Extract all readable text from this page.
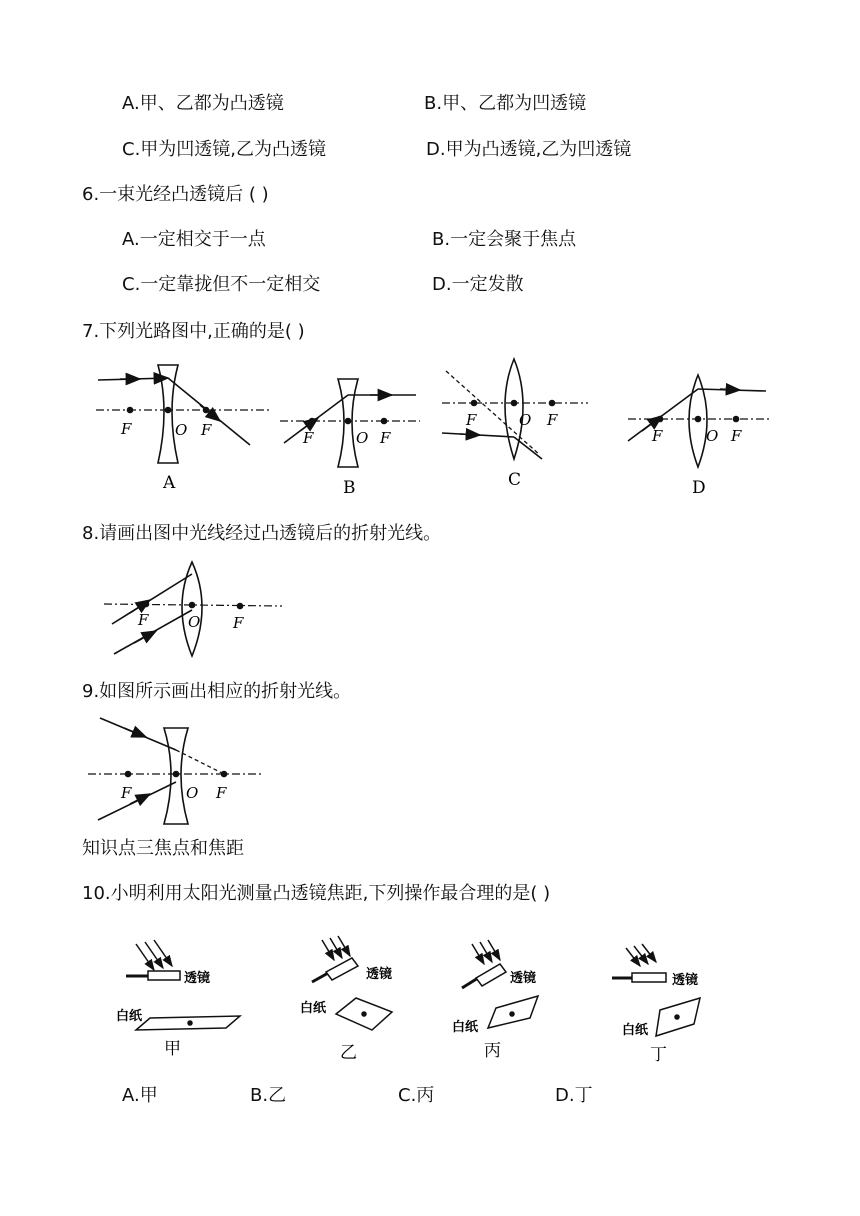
A.甲、乙都为凸透镜	B.甲、乙都为凹透镜
C.甲为凹透镜,乙为凸透镜	D.甲为凸透镜,乙为凹透镜
6.一束光经凸透镜后 ( )
A.一定相交于一点	B.一定会聚于焦点
C.一定靠拢但不一定相交	D.一定发散
7.下列光路图中,正确的是( )
F	O F
A
F	O F
B
F	O F
C
F	O F
D
8.请画出图中光线经过凸透镜后的折射光线。
F	O F
9.如图所示画出相应的折射光线。
F	O F
知识点三焦点和焦距
10.小明利用太阳光测量凸透镜焦距,下列操作最合理的是( )
透镜
白纸
甲
透镜
白纸
乙
透镜
白纸
丙
透镜
白纸
丁
A.甲	B.乙	C.丙	D.丁
